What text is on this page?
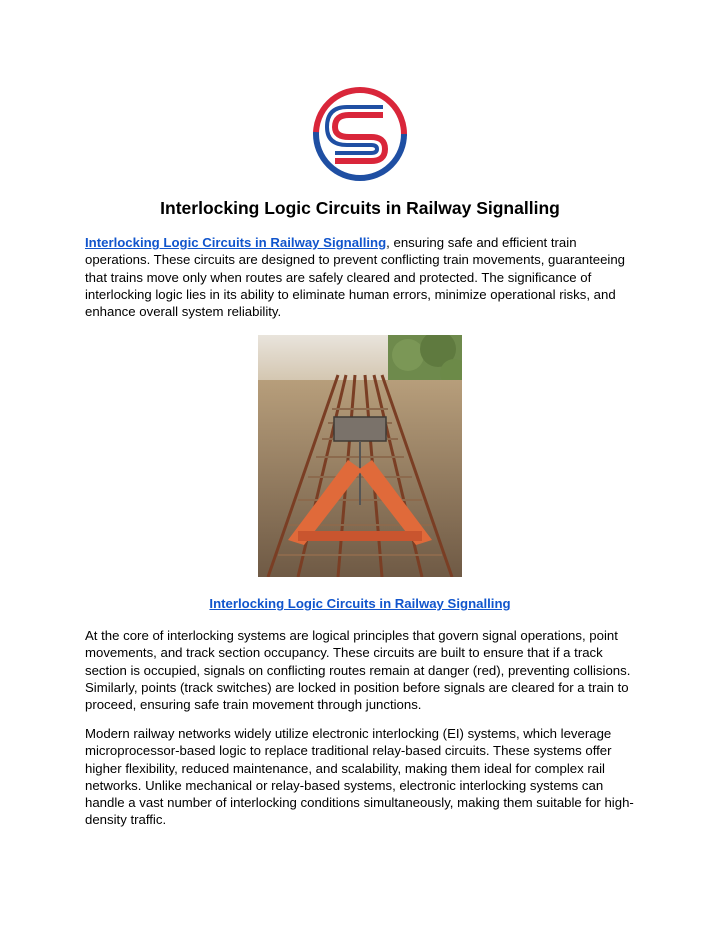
Interlocking Logic Circuits in Railway Signalling

Interlocking Logic Circuits in Railway Signalling, ensuring safe and efficient train operations. These circuits are designed to prevent conflicting train movements, guaranteeing that trains move only when routes are safely cleared and protected. The significance of interlocking logic lies in its ability to eliminate human errors, minimize operational risks, and enhance overall system reliability.

Interlocking Logic Circuits in Railway Signalling

At the core of interlocking systems are logical principles that govern signal operations, point movements, and track section occupancy. These circuits are built to ensure that if a track section is occupied, signals on conflicting routes remain at danger (red), preventing collisions. Similarly, points (track switches) are locked in position before signals are cleared for a train to proceed, ensuring safe train movement through junctions.

Modern railway networks widely utilize electronic interlocking (EI) systems, which leverage microprocessor-based logic to replace traditional relay-based circuits. These systems offer higher flexibility, reduced maintenance, and scalability, making them ideal for complex rail networks. Unlike mechanical or relay-based systems, electronic interlocking systems can handle a vast number of interlocking conditions simultaneously, making them suitable for high-density traffic.
